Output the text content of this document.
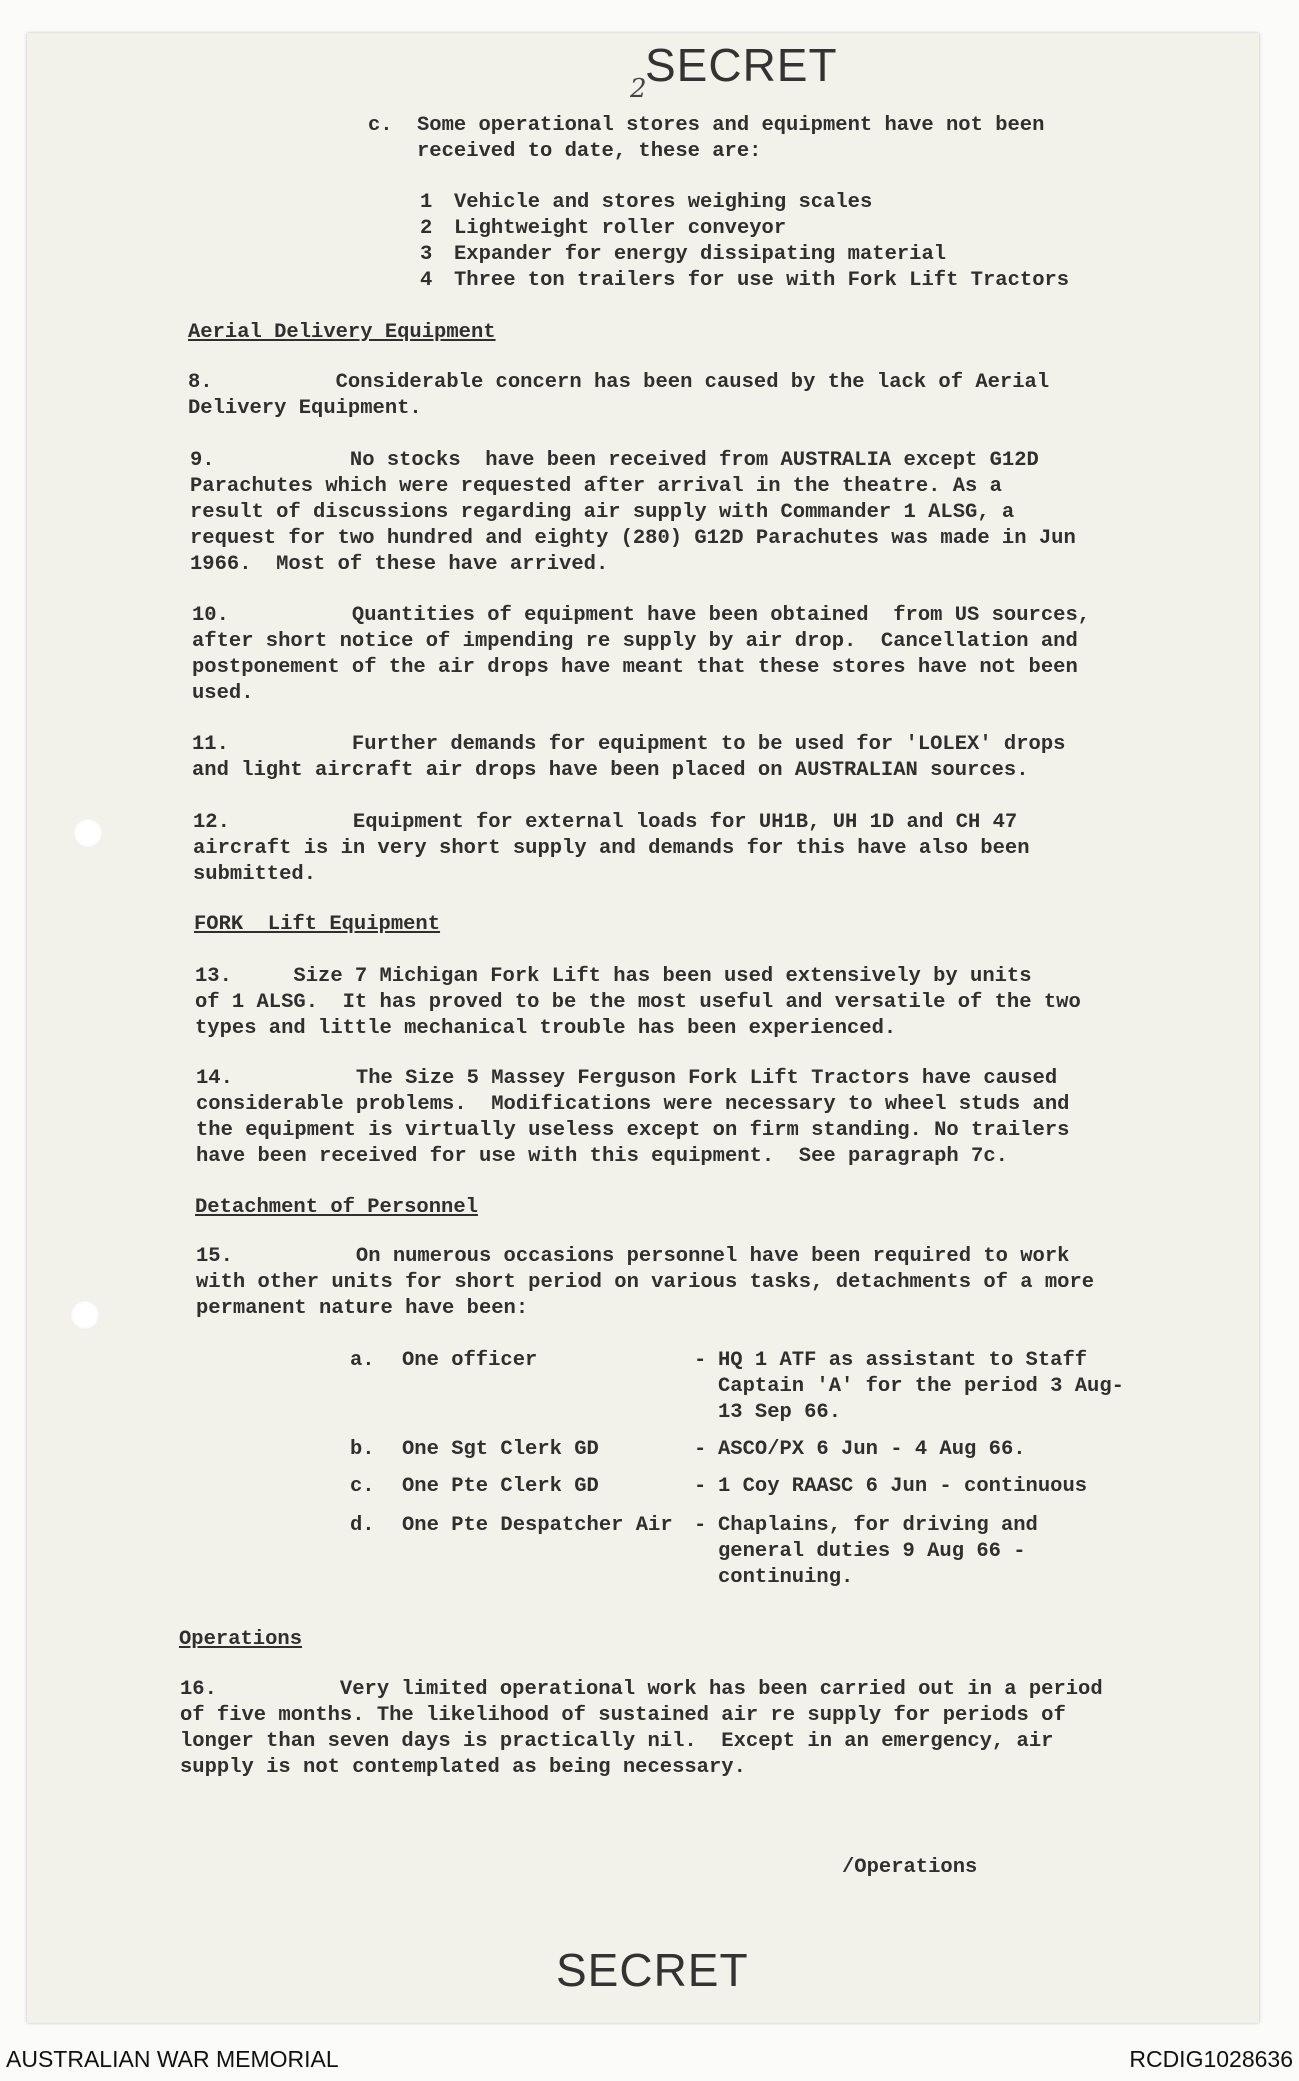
SECRET
2
c. Some operational stores and equipment have not been
received to date, these are:
1 Vehicle and stores weighing scales
2 Lightweight roller conveyor
3 Expander for energy dissipating material
4 Three ton trailers for use with Fork Lift Tractors
Aerial Delivery Equipment
8.          Considerable concern has been caused by the lack of Aerial
Delivery Equipment.
9.           No stocks  have been received from AUSTRALIA except G12D
Parachutes which were requested after arrival in the theatre. As a
result of discussions regarding air supply with Commander 1 ALSG, a
request for two hundred and eighty (280) G12D Parachutes was made in Jun
1966.  Most of these have arrived.
10.          Quantities of equipment have been obtained  from US sources,
after short notice of impending re supply by air drop.  Cancellation and
postponement of the air drops have meant that these stores have not been
used.
11.          Further demands for equipment to be used for 'LOLEX' drops
and light aircraft air drops have been placed on AUSTRALIAN sources.
12.          Equipment for external loads for UH1B, UH 1D and CH 47
aircraft is in very short supply and demands for this have also been
submitted.
FORK  Lift Equipment
13.     Size 7 Michigan Fork Lift has been used extensively by units
of 1 ALSG.  It has proved to be the most useful and versatile of the two
types and little mechanical trouble has been experienced.
14.          The Size 5 Massey Ferguson Fork Lift Tractors have caused
considerable problems.  Modifications were necessary to wheel studs and
the equipment is virtually useless except on firm standing. No trailers
have been received for use with this equipment.  See paragraph 7c.
Detachment of Personnel
15.          On numerous occasions personnel have been required to work
with other units for short period on various tasks, detachments of a more
permanent nature have been:
a. One officer	- HQ 1 ATF as assistant to Staff
Captain 'A' for the period 3 Aug-
13 Sep 66.
b. One Sgt Clerk GD	- ASCO/PX 6 Jun - 4 Aug 66.
c. One Pte Clerk GD	- 1 Coy RAASC 6 Jun - continuous
d. One Pte Despatcher Air - Chaplains, for driving and
general duties 9 Aug 66 -
continuing.
Operations
16.          Very limited operational work has been carried out in a period
of five months. The likelihood of sustained air re supply for periods of
longer than seven days is practically nil.  Except in an emergency, air
supply is not contemplated as being necessary.
/Operations
SECRET
AUSTRALIAN WAR MEMORIAL	RCDIG1028636
